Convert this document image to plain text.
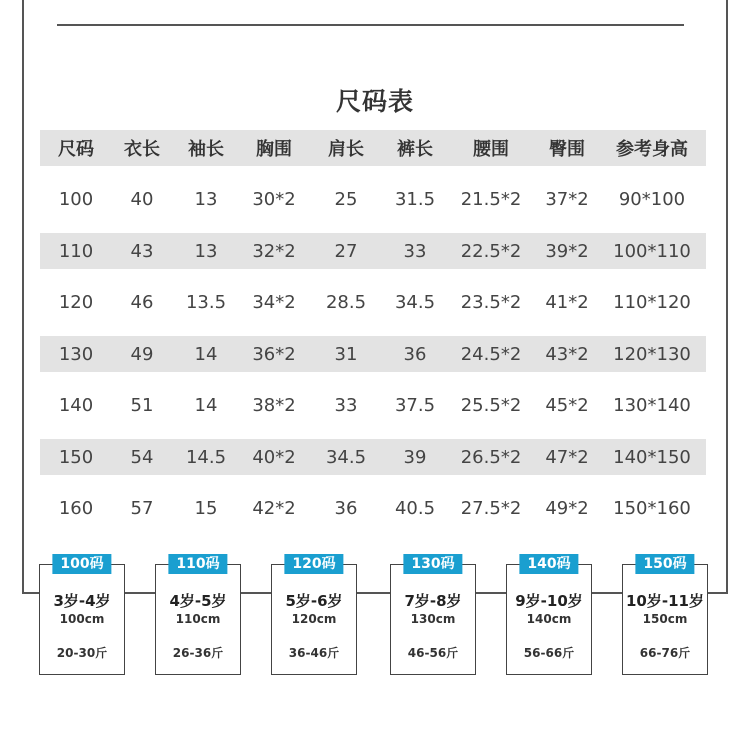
尺码表
尺码	衣长	袖长	胸围	肩长	裤长	腰围	臀围	参考身高
100	40	13	30*2	25	31.5	21.5*2	37*2	90*100
110	43	13	32*2	27	33	22.5*2	39*2	100*110
120	46	13.5	34*2	28.5	34.5	23.5*2	41*2	110*120
130	49	14	36*2	31	36	24.5*2	43*2	120*130
140	51	14	38*2	33	37.5	25.5*2	45*2	130*140
150	54	14.5	40*2	34.5	39	26.5*2	47*2	140*150
160	57	15	42*2	36	40.5	27.5*2	49*2	150*160
100码
3岁-4岁
100cm
20-30斤
110码
4岁-5岁
110cm
26-36斤
120码
5岁-6岁
120cm
36-46斤
130码
7岁-8岁
130cm
46-56斤
140码
9岁-10岁
140cm
56-66斤
150码
10岁-11岁
150cm
66-76斤
